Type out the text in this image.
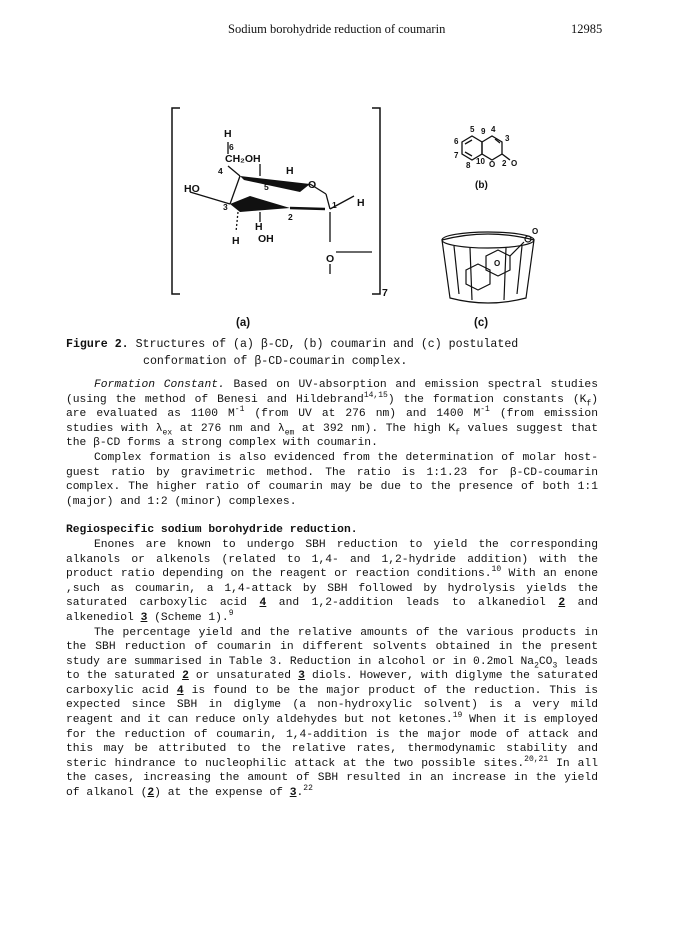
Sodium borohydride reduction of coumarin	12985
H
6
CH₂OH
4	H
5	O
HO
3
2
1 H
H
H OH
O
7
6
5 9 4
3
7
8 10 O 2 O
(b)
O
O
(a)	(c)
Figure 2. Structures of (a) β-CD, (b) coumarin and (c) postulated
conformation of β-CD-coumarin complex.

Formation Constant. Based on UV-absorption and emission spectral studies (using the method of Benesi and Hildebrand$^{14,15}$) the formation constants $(K_f)$ are evaluated as 1100 $M^{-1}$ (from UV at 276 nm) and 1400 $M^{-1}$ (from emission studies with $\lambda_{ex}$ at 276 nm and $\lambda_{em}$ at 392 nm). The high $K_f$ values suggest that the β-CD forms a strong complex with coumarin.

Complex formation is also evidenced from the determination of molar host-guest ratio by gravimetric method. The ratio is 1:1.23 for β-CD-coumarin complex. The higher ratio of coumarin may be due to the presence of both 1:1 (major) and 1:2 (minor) complexes.

Regiospecific sodium borohydride reduction.

Enones are known to undergo SBH reduction to yield the corresponding alkanols or alkenols (related to 1,4- and 1,2-hydride addition) with the product ratio depending on the reagent or reaction conditions.$^{10}$ With an enone ,such as coumarin, a 1,4-attack by SBH followed by hydrolysis yields the saturated carboxylic acid 4 and 1,2-addition leads to alkanediol 2 and alkenediol 3 (Scheme 1).$^9$

The percentage yield and the relative amounts of the various products in the SBH reduction of coumarin in different solvents obtained in the present study are summarised in Table 3. Reduction in alcohol or in 0.2mol $Na_2CO_3$ leads to the saturated 2 or unsaturated 3 diols. However, with diglyme the saturated carboxylic acid 4 is found to be the major product of the reduction. This is expected since SBH in diglyme (a non-hydroxylic solvent) is a very mild reagent and it can reduce only aldehydes but not ketones.$^{19}$ When it is employed for the reduction of coumarin, 1,4-addition is the major mode of attack and this may be attributed to the relative rates, thermodynamic stability and steric hindrance to nucleophilic attack at the two possible sites.$^{20,21}$ In all the cases, increasing the amount of SBH resulted in an increase in the yield of alkanol (2) at the expense of 3.22
